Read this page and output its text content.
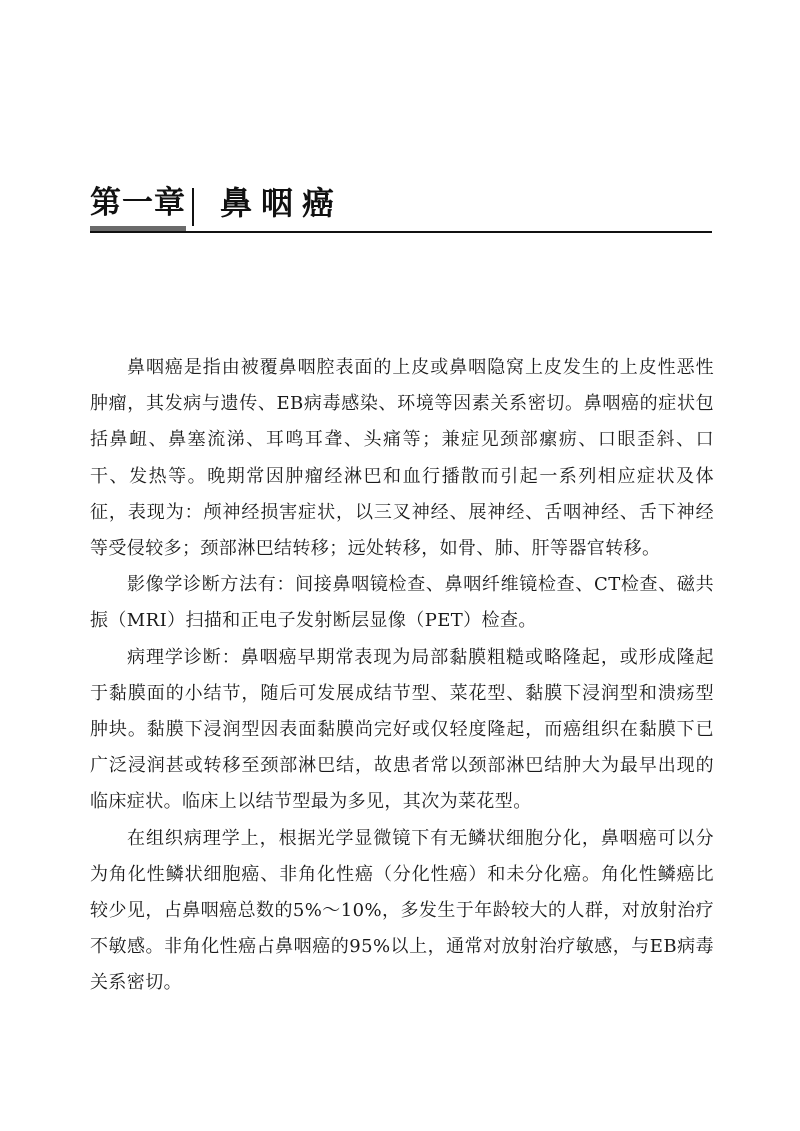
第一章 鼻咽癌

鼻咽癌是指由被覆鼻咽腔表面的上皮或鼻咽隐窝上皮发生的上皮性恶性肿瘤，其发病与遗传、EB病毒感染、环境等因素关系密切。鼻咽癌的症状包括鼻衄、鼻塞流涕、耳鸣耳聋、头痛等；兼症见颈部瘰疬、口眼歪斜、口干、发热等。晚期常因肿瘤经淋巴和血行播散而引起一系列相应症状及体征，表现为：颅神经损害症状，以三叉神经、展神经、舌咽神经、舌下神经等受侵较多；颈部淋巴结转移；远处转移，如骨、肺、肝等器官转移。

影像学诊断方法有：间接鼻咽镜检查、鼻咽纤维镜检查、CT检查、磁共振（MRI）扫描和正电子发射断层显像（PET）检查。

病理学诊断：鼻咽癌早期常表现为局部黏膜粗糙或略隆起，或形成隆起于黏膜面的小结节，随后可发展成结节型、菜花型、黏膜下浸润型和溃疡型肿块。黏膜下浸润型因表面黏膜尚完好或仅轻度隆起，而癌组织在黏膜下已广泛浸润甚或转移至颈部淋巴结，故患者常以颈部淋巴结肿大为最早出现的临床症状。临床上以结节型最为多见，其次为菜花型。

在组织病理学上，根据光学显微镜下有无鳞状细胞分化，鼻咽癌可以分为角化性鳞状细胞癌、非角化性癌（分化性癌）和未分化癌。角化性鳞癌比较少见，占鼻咽癌总数的5%～10%，多发生于年龄较大的人群，对放射治疗不敏感。非角化性癌占鼻咽癌的95%以上，通常对放射治疗敏感，与EB病毒关系密切。
